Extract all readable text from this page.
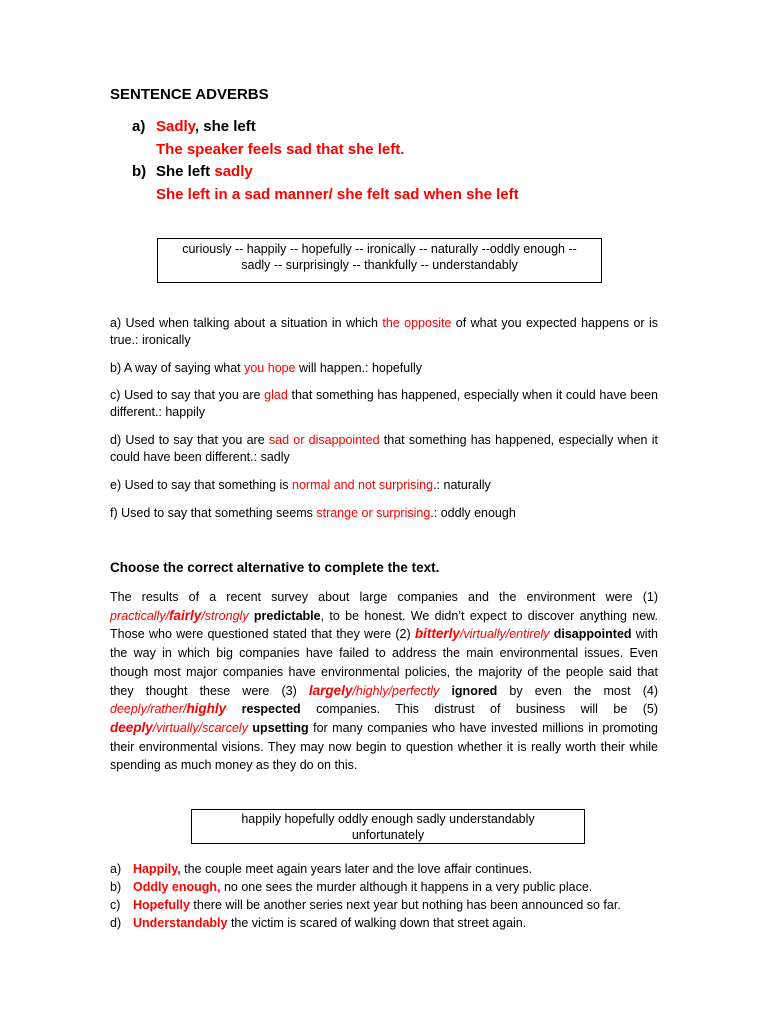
SENTENCE ADVERBS
a) Sadly, she left
The speaker feels sad that she left.
b) She left sadly
She left in a sad manner/ she felt sad when she left
curiously -- happily -- hopefully -- ironically -- naturally --oddly enough --
sadly -- surprisingly -- thankfully -- understandably
a) Used when talking about a situation in which the opposite of what you expected happens or is true.: ironically
b) A way of saying what you hope will happen.: hopefully
c) Used to say that you are glad that something has happened, especially when it could have been different.: happily
d) Used to say that you are sad or disappointed that something has happened, especially when it could have been different.: sadly
e) Used to say that something is normal and not surprising.: naturally
f) Used to say that something seems strange or surprising.: oddly enough
Choose the correct alternative to complete the text.
The results of a recent survey about large companies and the environment were (1) practically/fairly/strongly predictable, to be honest. We didn’t expect to discover anything new. Those who were questioned stated that they were (2) bitterly/virtually/entirely disappointed with the way in which big companies have failed to address the main environmental issues. Even though most major companies have environmental policies, the majority of the people said that they thought these were (3) largely/highly/perfectly ignored by even the most (4) deeply/rather/highly respected companies. This distrust of business will be (5) deeply/virtually/scarcely upsetting for many companies who have invested millions in promoting their environmental visions. They may now begin to question whether it is really worth their while spending as much money as they do on this.
happily hopefully oddly enough sadly understandably
unfortunately
a) Happily, the couple meet again years later and the love affair continues.
b) Oddly enough, no one sees the murder although it happens in a very public place.
c) Hopefully there will be another series next year but nothing has been announced so far.
d) Understandably the victim is scared of walking down that street again.
